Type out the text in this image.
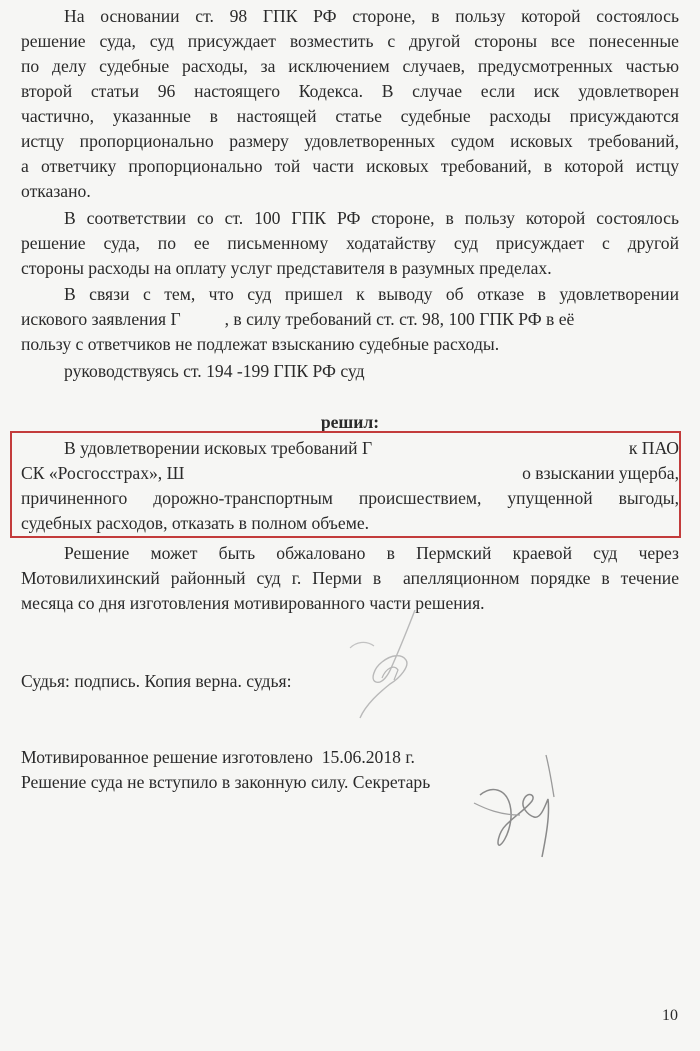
На основании ст. 98 ГПК РФ стороне, в пользу которой состоялось
решение суда, суд присуждает возместить с другой стороны все понесенные
по делу судебные расходы, за исключением случаев, предусмотренных частью
второй статьи 96 настоящего Кодекса. В случае если иск удовлетворен
частично, указанные в настоящей статье судебные расходы присуждаются
истцу пропорционально размеру удовлетворенных судом исковых требований,
а ответчику пропорционально той части исковых требований, в которой истцу
отказано.
В соответствии со ст. 100 ГПК РФ стороне, в пользу которой состоялось
решение суда, по ее письменному ходатайству суд присуждает с другой
стороны расходы на оплату услуг представителя в разумных пределах.
В связи с тем, что суд пришел к выводу об отказе в удовлетворении
искового заявления Г          , в силу требований ст. ст. 98, 100 ГПК РФ в её
пользу с ответчиков не подлежат взысканию судебные расходы.
руководствуясь ст. 194 -199 ГПК РФ суд
решил:
В удовлетворении исковых требований Г	к ПАО
СК «Росгосстрах», Ш	о взыскании ущерба,
причиненного дорожно-транспортным происшествием, упущенной выгоды,
судебных расходов, отказать в полном объеме.
Решение может быть обжаловано в Пермский краевой суд через
Мотовилихинский районный суд г. Перми в  апелляционном порядке в течение
месяца со дня изготовления мотивированного части решения.
Судья: подпись. Копия верна. судья:
Мотивированное решение изготовлено  15.06.2018 г.
Решение суда не вступило в законную силу. Секретарь
10
